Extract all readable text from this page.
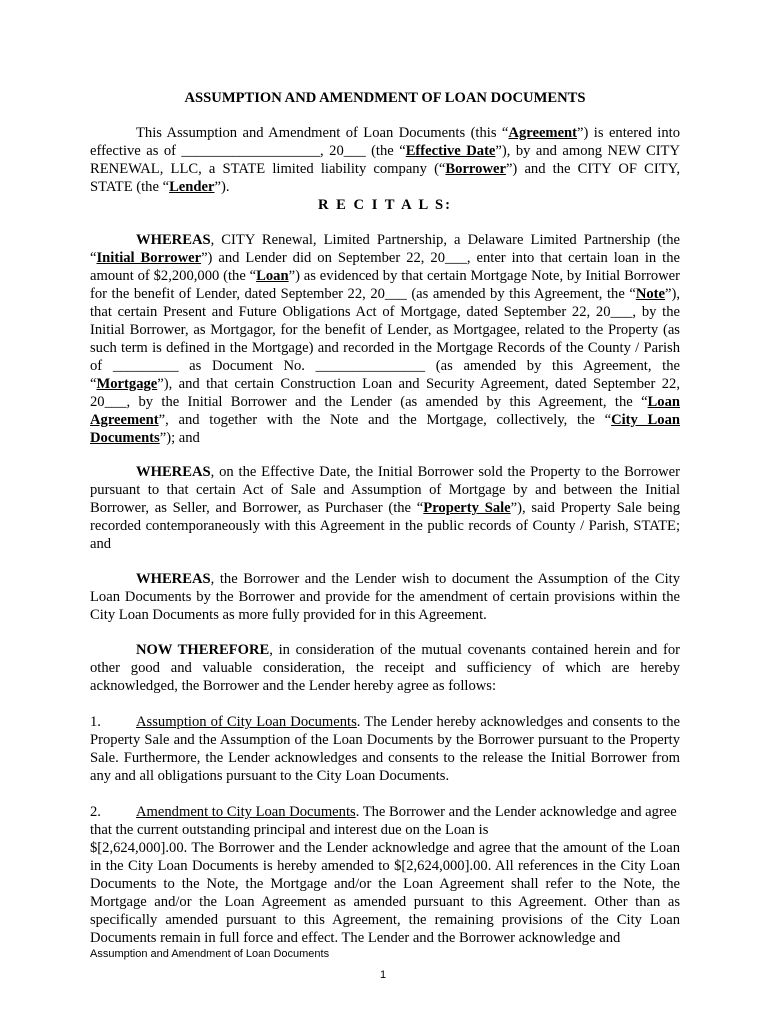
ASSUMPTION AND AMENDMENT OF LOAN DOCUMENTS

This Assumption and Amendment of Loan Documents (this “Agreement”) is entered into effective as of ___________________, 20___ (the “Effective Date”), by and among NEW CITY RENEWAL, LLC, a STATE limited liability company (“Borrower”) and the CITY OF CITY, STATE (the “Lender”).

R E C I T A L S:

WHEREAS, CITY Renewal, Limited Partnership, a Delaware Limited Partnership (the “Initial Borrower”) and Lender did on September 22, 20___, enter into that certain loan in the amount of $2,200,000 (the “Loan”) as evidenced by that certain Mortgage Note, by Initial Borrower for the benefit of Lender, dated September 22, 20___ (as amended by this Agreement, the “Note”), that certain Present and Future Obligations Act of Mortgage, dated September 22, 20___, by the Initial Borrower, as Mortgagor, for the benefit of Lender, as Mortgagee, related to the Property (as such term is defined in the Mortgage) and recorded in the Mortgage Records of the County / Parish of _________ as Document No. _______________ (as amended by this Agreement, the “Mortgage”), and that certain Construction Loan and Security Agreement, dated September 22, 20___, by the Initial Borrower and the Lender (as amended by this Agreement, the “Loan Agreement”, and together with the Note and the Mortgage, collectively, the “City Loan Documents”); and

WHEREAS, on the Effective Date, the Initial Borrower sold the Property to the Borrower pursuant to that certain Act of Sale and Assumption of Mortgage by and between the Initial Borrower, as Seller, and Borrower, as Purchaser (the “Property Sale”), said Property Sale being recorded contemporaneously with this Agreement in the public records of County / Parish, STATE; and

WHEREAS, the Borrower and the Lender wish to document the Assumption of the City Loan Documents by the Borrower and provide for the amendment of certain provisions within the City Loan Documents as more fully provided for in this Agreement.

NOW THEREFORE, in consideration of the mutual covenants contained herein and for other good and valuable consideration, the receipt and sufficiency of which are hereby acknowledged, the Borrower and the Lender hereby agree as follows:

1. Assumption of City Loan Documents. The Lender hereby acknowledges and consents to the Property Sale and the Assumption of the Loan Documents by the Borrower pursuant to the Property Sale. Furthermore, the Lender acknowledges and consents to the release the Initial Borrower from any and all obligations pursuant to the City Loan Documents.

2. Amendment to City Loan Documents. The Borrower and the Lender acknowledge and agree that the current outstanding principal and interest due on the Loan is

$[2,624,000].00. The Borrower and the Lender acknowledge and agree that the amount of the Loan in the City Loan Documents is hereby amended to $[2,624,000].00. All references in the City Loan Documents to the Note, the Mortgage and/or the Loan Agreement shall refer to the Note, the Mortgage and/or the Loan Agreement as amended pursuant to this Agreement. Other than as specifically amended pursuant to this Agreement, the remaining provisions of the City Loan Documents remain in full force and effect. The Lender and the Borrower acknowledge and

Assumption and Amendment of Loan Documents
1
